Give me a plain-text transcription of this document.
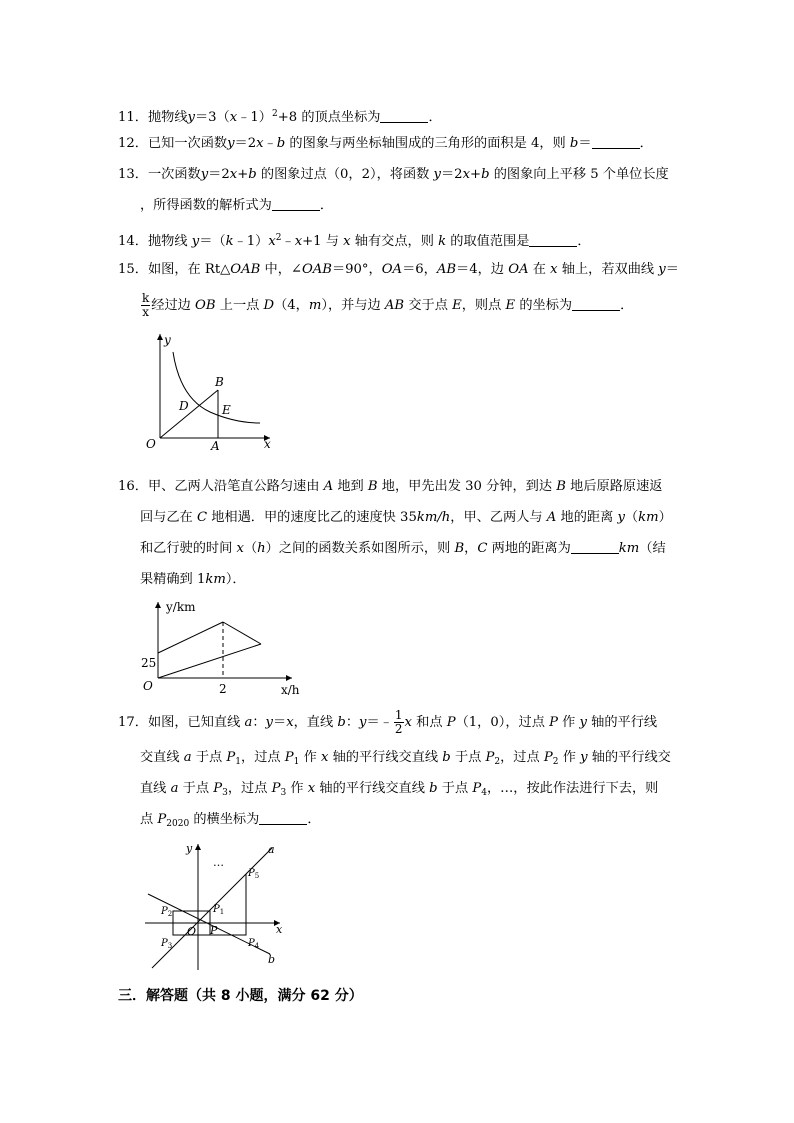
11．抛物线y＝3（x﹣1）$^2$+8 的顶点坐标为	．
12．已知一次函数y＝2x﹣b 的图象与两坐标轴围成的三角形的面积是 4，则 b＝	．
13．一次函数y＝2x+b 的图象过点（0，2），将函数 y＝2x+b 的图象向上平移 5 个单位长度
，所得函数的解析式为	．
14．抛物线 $y=(k﹣1)x^2﹣x+1$ 与 x 轴有交点，则 k 的取值范围是	．
15．如图，在 Rt△OAB 中，∠OAB＝90°，OA＝6，AB＝4，边 OA 在 x 轴上，若双曲线 y＝
$\frac{k}{x}$ 经过边 OB 上一点 D（4，m），并与边 AB 交于点 E，则点 E 的坐标为	．
y
x
O	A
B
D	E
16．甲、乙两人沿笔直公路匀速由 A 地到 B 地，甲先出发 30 分钟，到达 B 地后原路原速返
回与乙在 C 地相遇．甲的速度比乙的速度快 35km/h，甲、乙两人与 A 地的距离 y（km）
和乙行驶的时间 x（h）之间的函数关系如图所示，则 B，C 两地的距离为	km（结
果精确到 1km）．
y/km
x/h
O
25
2
17．如图，已知直线 a：y＝x，直线 b：y＝﹣ $\frac{1}{2}$ x 和点 P（1，0），过点 P 作 y 轴的平行线
交直线 a 于点 $P_1$，过点 $P_1$ 作 x 轴的平行线交直线 b 于点 $P_2$，过点 $P_2$ 作 y 轴的平行线交
直线 a 于点 $P_3$，过点 $P_3$ 作 x 轴的平行线交直线 b 于点 $P_4$，…，按此作法进行下去，则
点 $P_{2020}$ 的横坐标为	．
y
x
O P
a
b
…
$P_1$
$P_2$
$P_3$	$P_4$
$P_5$
三．解答题（共 8 小题，满分 62 分）
